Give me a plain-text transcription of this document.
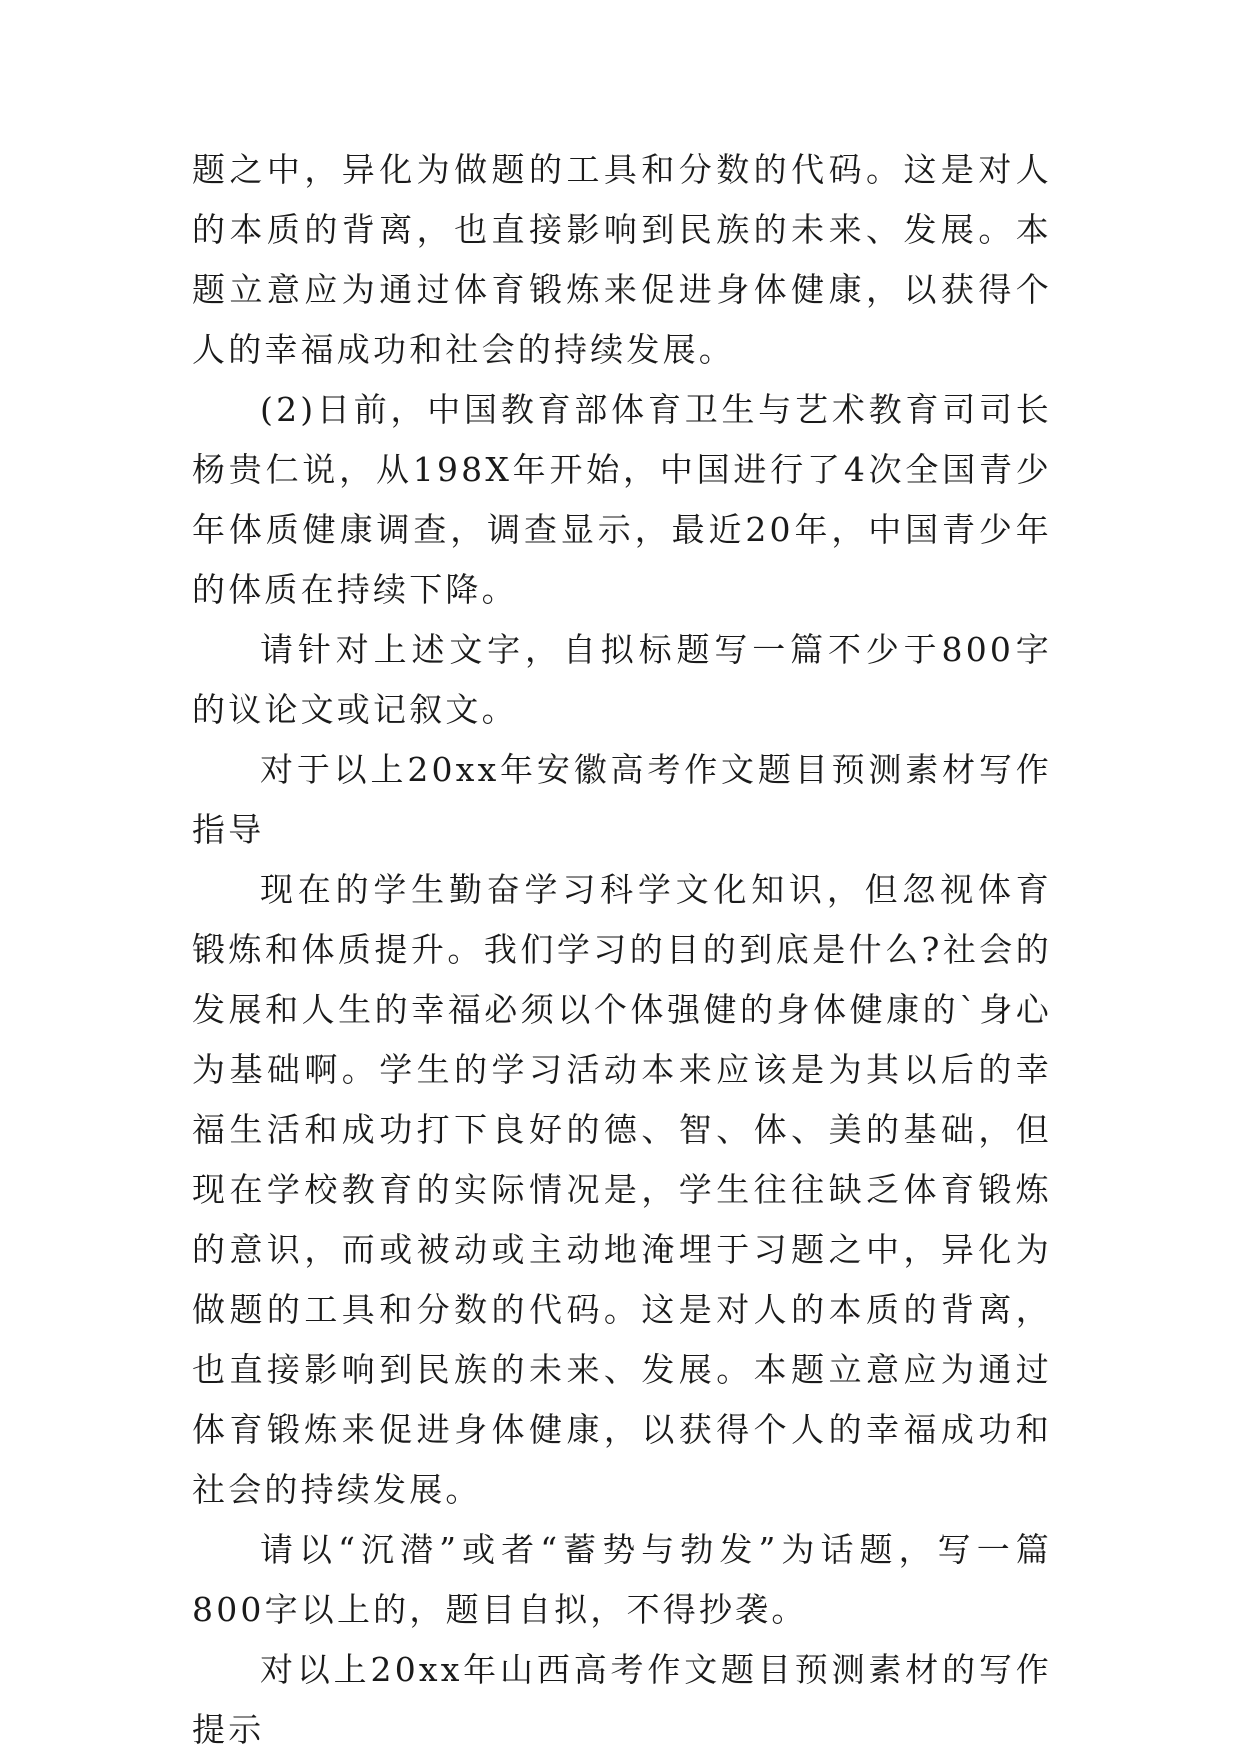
题之中，异化为做题的工具和分数的代码。这是对人的本质的背离，也直接影响到民族的未来、发展。本题立意应为通过体育锻炼来促进身体健康，以获得个人的幸福成功和社会的持续发展。

(2)日前，中国教育部体育卫生与艺术教育司司长杨贵仁说，从198X年开始，中国进行了4次全国青少年体质健康调查，调查显示，最近20年，中国青少年的体质在持续下降。

请针对上述文字，自拟标题写一篇不少于800字的议论文或记叙文。

对于以上20xx年安徽高考作文题目预测素材写作指导

现在的学生勤奋学习科学文化知识，但忽视体育锻炼和体质提升。我们学习的目的到底是什么?社会的发展和人生的幸福必须以个体强健的身体健康的`身心为基础啊。学生的学习活动本来应该是为其以后的幸福生活和成功打下良好的德、智、体、美的基础，但现在学校教育的实际情况是，学生往往缺乏体育锻炼的意识，而或被动或主动地淹埋于习题之中，异化为做题的工具和分数的代码。这是对人的本质的背离，也直接影响到民族的未来、发展。本题立意应为通过体育锻炼来促进身体健康，以获得个人的幸福成功和社会的持续发展。

请以“沉潜”或者“蓄势与勃发”为话题，写一篇800字以上的，题目自拟，不得抄袭。

对以上20xx年山西高考作文题目预测素材的写作提示
